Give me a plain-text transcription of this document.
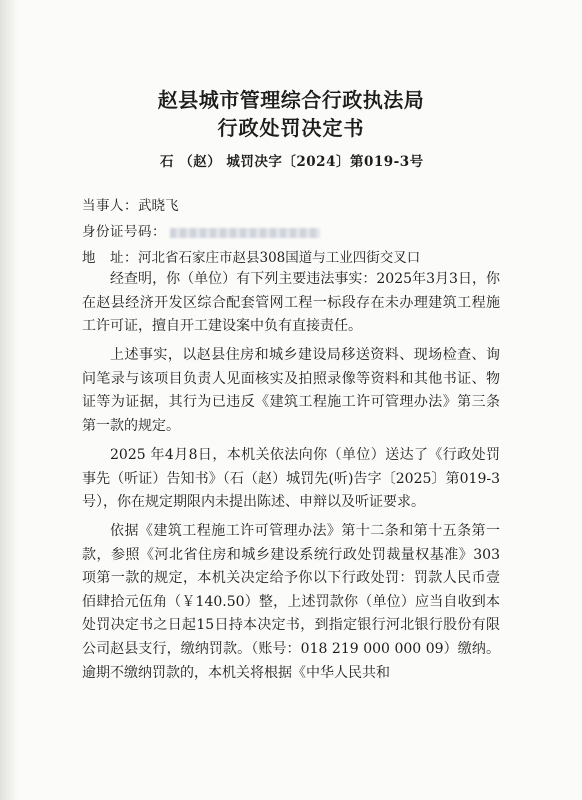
赵县城市管理综合行政执法局
行政处罚决定书
石 （赵） 城罚决字〔2024〕第019-3号
当事人：武晓飞
身份证号码：
地　址：河北省石家庄市赵县308国道与工业四街交叉口

经查明，你（单位）有下列主要违法事实：2025年3月3日，你在赵县经济开发区综合配套管网工程一标段存在未办理建筑工程施工许可证，擅自开工建设案中负有直接责任。

上述事实，以赵县住房和城乡建设局移送资料、现场检查、询问笔录与该项目负责人见面核实及拍照录像等资料和其他书证、物证等为证据，其行为已违反《建筑工程施工许可管理办法》第三条第一款的规定。

2025 年4月8日，本机关依法向你（单位）送达了《行政处罚事先（听证）告知书》（石（赵）城罚先(听)告字〔2025〕第019-3号），你在规定期限内未提出陈述、申辩以及听证要求。

依据《建筑工程施工许可管理办法》第十二条和第十五条第一款，参照《河北省住房和城乡建设系统行政处罚裁量权基准》303项第一款的规定，本机关决定给予你以下行政处罚：罚款人民币壹佰肆拾元伍角（￥140.50）整，上述罚款你（单位）应当自收到本处罚决定书之日起15日持本决定书，到指定银行河北银行股份有限公司赵县支行，缴纳罚款。（账号：018 219 000 000 09）缴纳。逾期不缴纳罚款的，本机关将根据《中华人民共和
